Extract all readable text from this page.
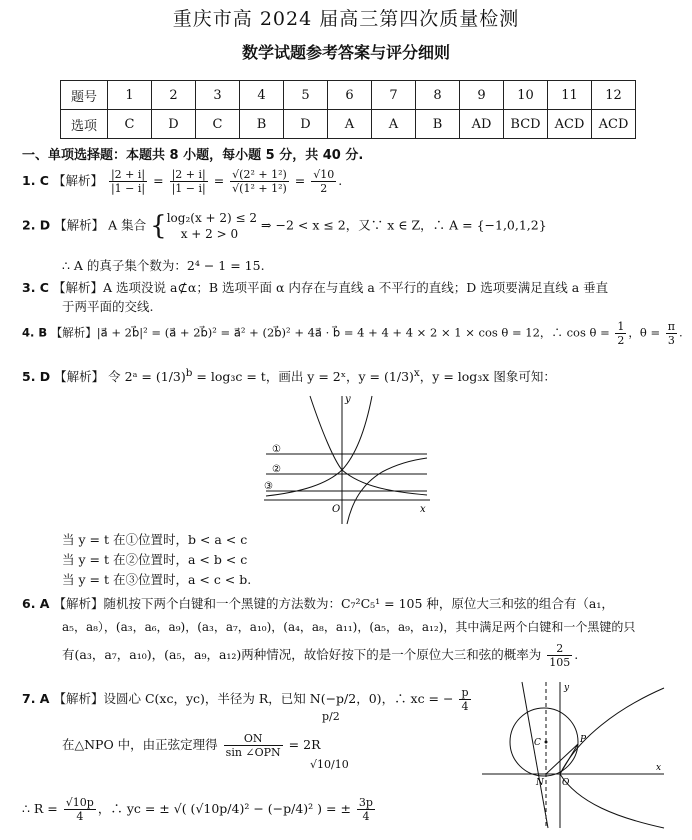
重庆市高 2024 届高三第四次质量检测
数学试题参考答案与评分细则
题号	1	2	3	4	5	6	7	8	9	10	11	12
选项	C	D	C	B	D	A	A	B	AD	BCD	ACD	ACD
一、单项选择题：本题共 8 小题，每小题 5 分，共 40 分.
1. C 【解析】 $\frac{|2 + i|}{|1 - i|} = \frac{|2 + i|}{|1 - i|} = \frac{\text{√(2² + 1²)}}{\text{√(1² + 1²)}} = \frac{√10}{2}$ .
2. D 【解析】 A 集合 { log₂(x + 2) ≤ 2
x + 2 > 0
⇒ −2 < x ≤ 2，又∵ x ∈ Z，∴ A = {−1,0,1,2}
∴ A 的真子集个数为：2⁴ − 1 = 15.
3. C 【解析】A 选项没说 a⊄α；B 选项平面 α 内存在与直线 a 不平行的直线；D 选项要满足直线 a 垂直
于两平面的交线.
4. B 【解析】|a⃗ + 2b⃗|² = (a⃗ + 2b⃗)² = a⃗² + (2b⃗)² + 4a⃗ · b⃗ = 4 + 4 + 4 × 2 × 1 × cos θ = 12，∴ $\cos \theta = \frac{1}{2}$ ，$\theta = \frac{\pi}{3}$ .
5. D 【解析】 令 2ᵃ = $(1/3)^b = \log_3c = t$，画出 y = 2ˣ，$y = (1/3)^x$，y = log₃x 图象可知：
①
②
③
O	x
y
当 y = t 在①位置时，b < a < c
当 y = t 在②位置时，a < b < c
当 y = t 在③位置时，a < c < b.
6. A 【解析】随机按下两个白键和一个黑键的方法数为：C₇²C₅¹ = 105 种，原位大三和弦的组合有（a₁，
a₅，a₈），(a₃，a₆，a₉)，(a₃，a₇，a₁₀)，(a₄，a₈，a₁₁)，(a₅，a₉，a₁₂)，其中满足两个白键和一个黑键的只
有(a₃，a₇，a₁₀)，(a₅，a₉，a₁₂)两种情况，故恰好按下的是一个原位大三和弦的概率为 $\frac{2}{105}$ .
7. A 【解析】设圆心 C(xc，yc)，半径为 R，已知 N(−p/2，0)，∴ xc = − $\frac{p}{4}$
在△NPO 中，由正弦定理得 $\frac{ON}{\text{sin ∠OPN}} = 2R$
p/2
√10/10
∴ $R = \frac{√10p}{4}$ ，∴ yc = ± √( (√10p/4)² − (−p/4)² ) = ± $\frac{3p}{4}$
C	P
N O
x
y
